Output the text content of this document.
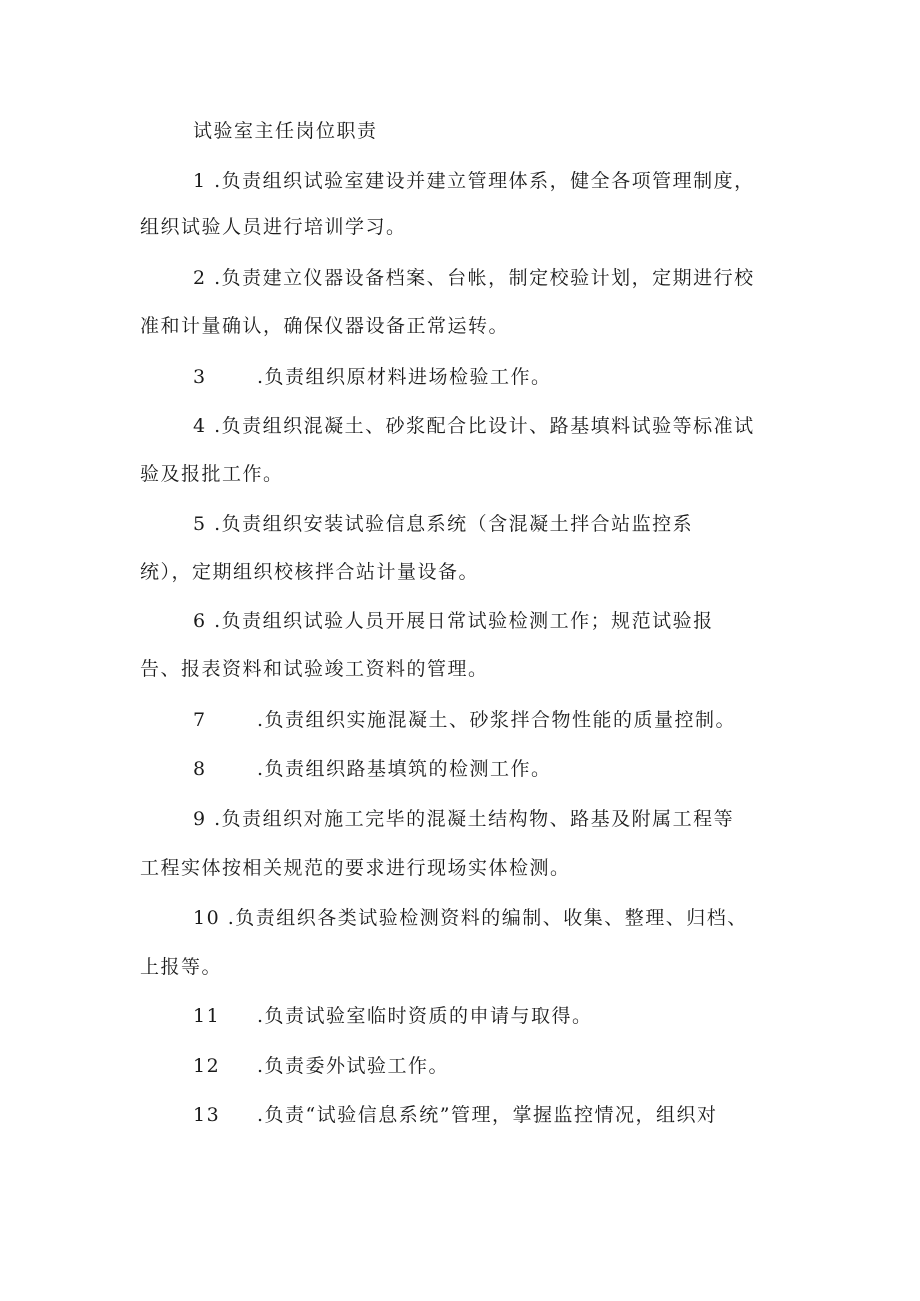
试验室主任岗位职责
1 .负责组织试验室建设并建立管理体系，健全各项管理制度，
组织试验人员进行培训学习。
2 .负责建立仪器设备档案、台帐，制定校验计划，定期进行校
准和计量确认，确保仪器设备正常运转。
3	.负责组织原材料进场检验工作。
4 .负责组织混凝土、砂浆配合比设计、路基填料试验等标准试
验及报批工作。
5 .负责组织安装试验信息系统（含混凝土拌合站监控系
统），定期组织校核拌合站计量设备。
6 .负责组织试验人员开展日常试验检测工作；规范试验报
告、报表资料和试验竣工资料的管理。
7	.负责组织实施混凝土、砂浆拌合物性能的质量控制。
8	.负责组织路基填筑的检测工作。
9 .负责组织对施工完毕的混凝土结构物、路基及附属工程等
工程实体按相关规范的要求进行现场实体检测。
10 .负责组织各类试验检测资料的编制、收集、整理、归档、
上报等。
11 .负责试验室临时资质的申请与取得。
12 .负责委外试验工作。
13 .负责“试验信息系统”管理，掌握监控情况，组织对
